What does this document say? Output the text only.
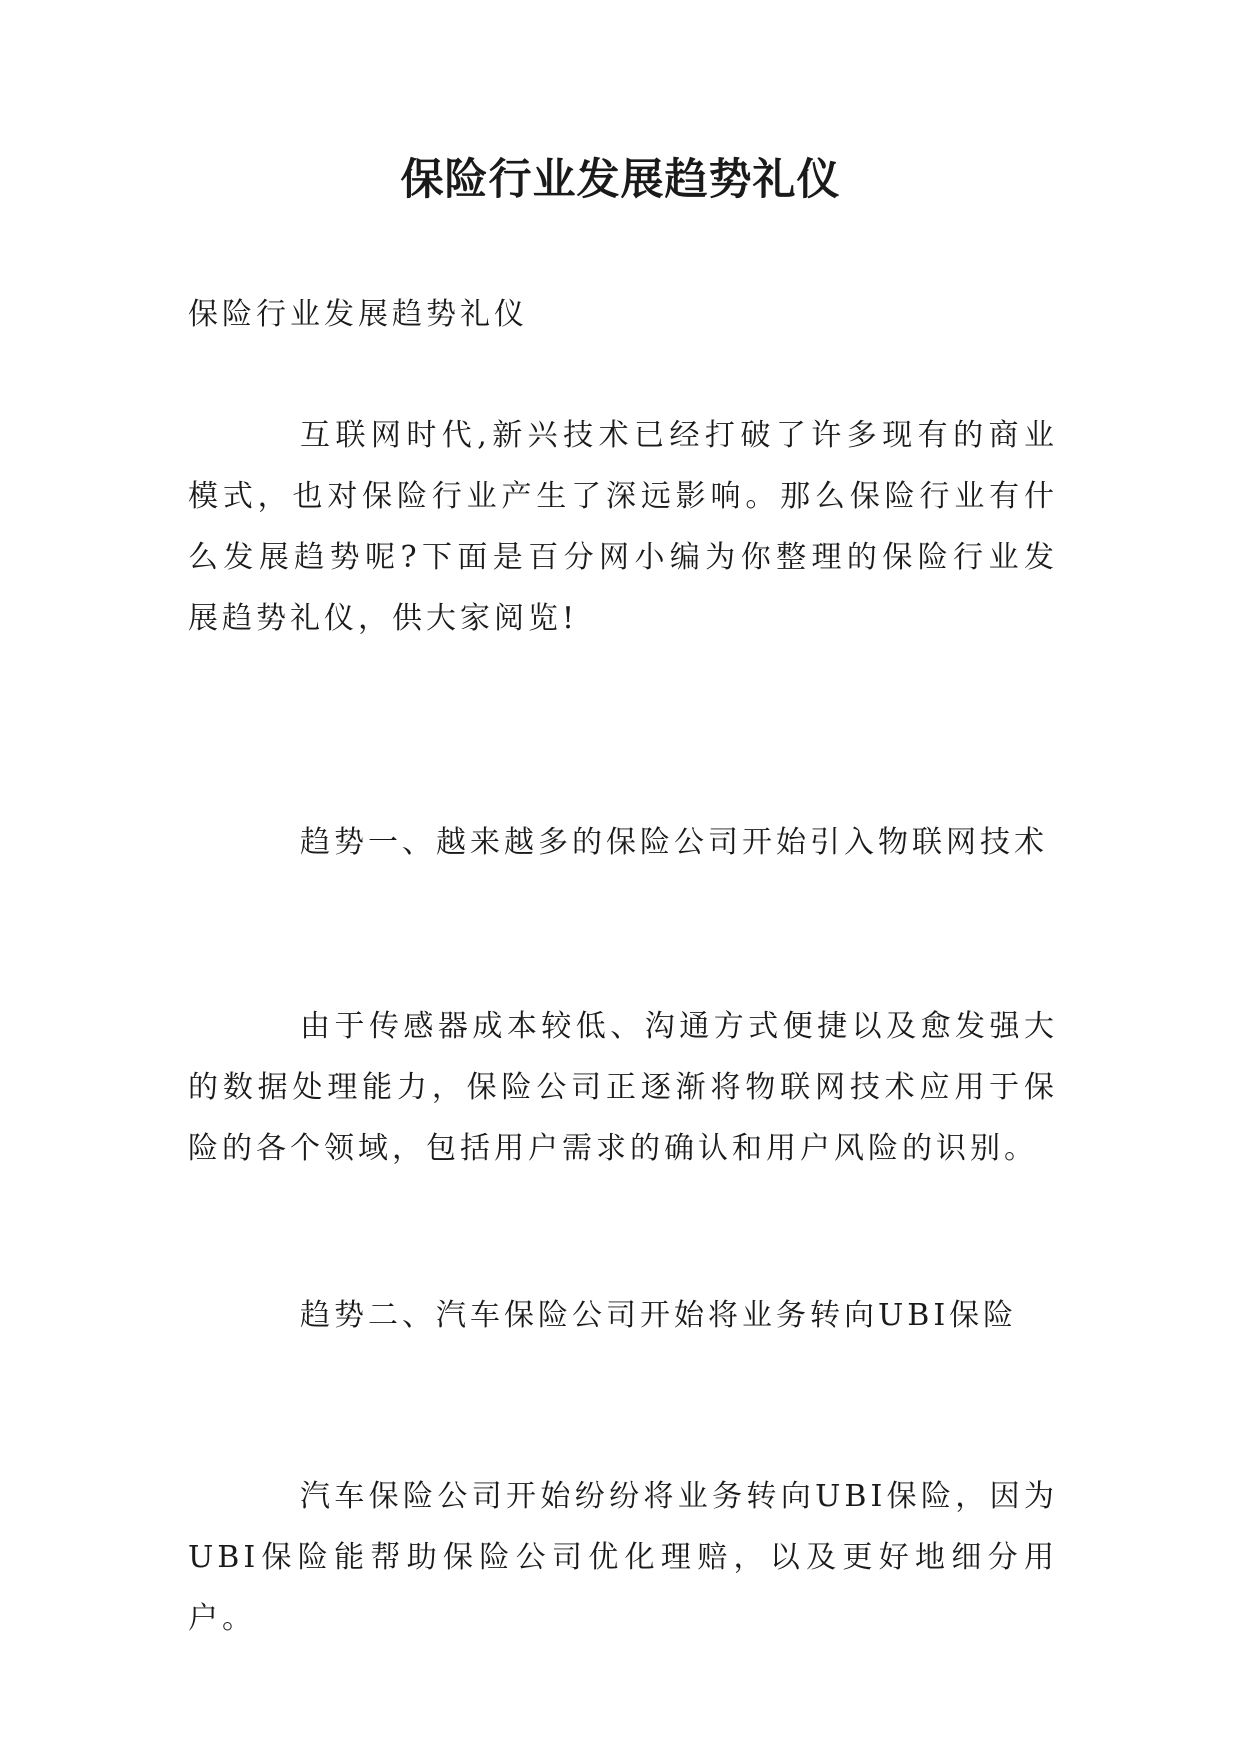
保险行业发展趋势礼仪
保险行业发展趋势礼仪
互联网时代,新兴技术已经打破了许多现有的商业模式，也对保险行业产生了深远影响。那么保险行业有什么发展趋势呢?下面是百分网小编为你整理的保险行业发展趋势礼仪，供大家阅览!
趋势一、越来越多的保险公司开始引入物联网技术
由于传感器成本较低、沟通方式便捷以及愈发强大的数据处理能力，保险公司正逐渐将物联网技术应用于保险的各个领域，包括用户需求的确认和用户风险的识别。
趋势二、汽车保险公司开始将业务转向UBI保险
汽车保险公司开始纷纷将业务转向UBI保险，因为UBI保险能帮助保险公司优化理赔，以及更好地细分用户。
